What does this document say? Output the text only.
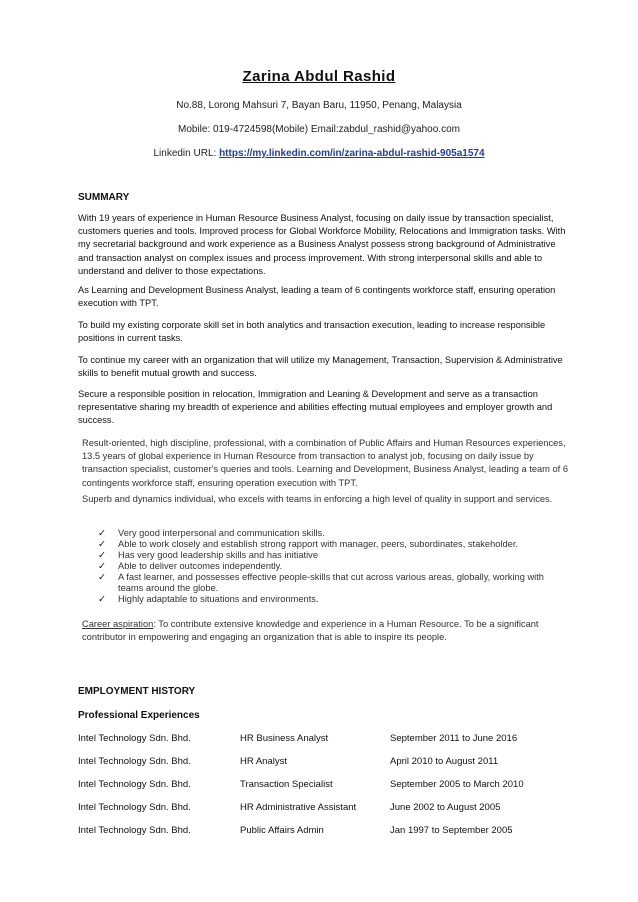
Zarina Abdul Rashid
No.88, Lorong Mahsuri 7, Bayan Baru, 11950, Penang, Malaysia
Mobile: 019-4724598(Mobile) Email:zabdul_rashid@yahoo.com
Linkedin URL: https://my.linkedin.com/in/zarina-abdul-rashid-905a1574
SUMMARY
With 19 years of experience in Human Resource Business Analyst, focusing on daily issue by transaction specialist, customers queries and tools. Improved process for Global Workforce Mobility, Relocations and Immigration tasks. With my secretarial background and work experience as a Business Analyst possess strong background of Administrative and transaction analyst on complex issues and process improvement. With strong interpersonal skills and able to understand and deliver to those expectations.
As Learning and Development Business Analyst, leading a team of 6 contingents workforce staff, ensuring operation execution with TPT.
To build my existing corporate skill set in both analytics and transaction execution, leading to increase responsible positions in current tasks.
To continue my career with an organization that will utilize my Management, Transaction, Supervision & Administrative skills to benefit mutual growth and success.
Secure a responsible position in relocation, Immigration and Leaning & Development and serve as a transaction representative sharing my breadth of experience and abilities effecting mutual employees and employer growth and success.
Result-oriented, high discipline, professional, with a combination of Public Affairs and Human Resources experiences, 13.5 years of global experience in Human Resource from transaction to analyst job, focusing on daily issue by transaction specialist, customer's queries and tools. Learning and Development, Business Analyst, leading a team of 6 contingents workforce staff, ensuring operation execution with TPT.
Superb and dynamics individual, who excels with teams in enforcing a high level of quality in support and services.
✓ Very good interpersonal and communication skills.
✓ Able to work closely and establish strong rapport with manager, peers, subordinates, stakeholder.
✓ Has very good leadership skills and has initiative
✓ Able to deliver outcomes independently.
✓ A fast learner, and possesses effective people-skills that cut across various areas, globally, working with teams around the globe.
✓ Highly adaptable to situations and environments.
Career aspiration: To contribute extensive knowledge and experience in a Human Resource. To be a significant contributor in empowering and engaging an organization that is able to inspire its people.
EMPLOYMENT HISTORY
Professional Experiences
Intel Technology Sdn. Bhd.	HR Business Analyst	September 2011 to June 2016
Intel Technology Sdn. Bhd.	HR Analyst	April 2010 to August 2011
Intel Technology Sdn. Bhd.	Transaction Specialist	September 2005 to March 2010
Intel Technology Sdn. Bhd.	HR Administrative Assistant	June 2002 to August 2005
Intel Technology Sdn. Bhd.	Public Affairs Admin	Jan 1997 to September 2005
